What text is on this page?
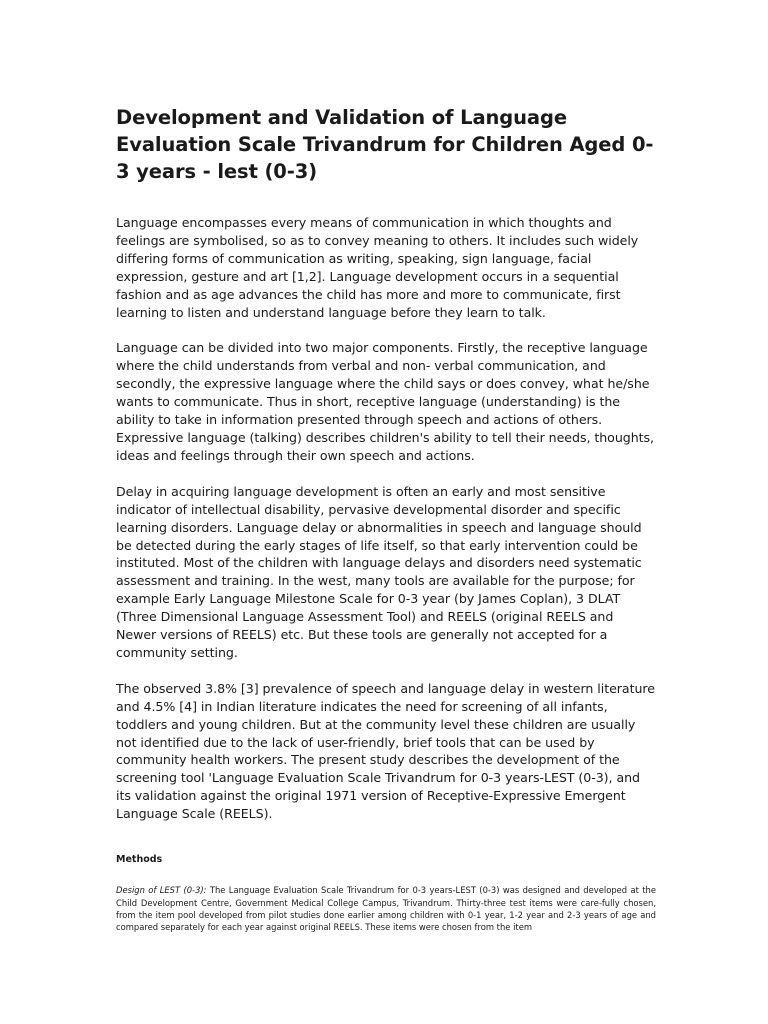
Development and Validation of Language Evaluation Scale Trivandrum for Children Aged 0-3 years - lest (0-3)

Language encompasses every means of communication in which thoughts and feelings are symbolised, so as to convey meaning to others. It includes such widely differing forms of communication as writing, speaking, sign language, facial expression, gesture and art [1,2]. Language development occurs in a sequential fashion and as age advances the child has more and more to communicate, first learning to listen and understand language before they learn to talk.

Language can be divided into two major components. Firstly, the receptive language where the child understands from verbal and non- verbal communication, and secondly, the expressive language where the child says or does convey, what he/she wants to communicate. Thus in short, receptive language (understanding) is the ability to take in information presented through speech and actions of others. Expressive language (talking) describes children's ability to tell their needs, thoughts, ideas and feelings through their own speech and actions.

Delay in acquiring language development is often an early and most sensitive indicator of intellectual disability, pervasive developmental disorder and specific learning disorders. Language delay or abnormalities in speech and language should be detected during the early stages of life itself, so that early intervention could be instituted. Most of the children with language delays and disorders need systematic assessment and training. In the west, many tools are available for the purpose; for example Early Language Milestone Scale for 0-3 year (by James Coplan), 3 DLAT (Three Dimensional Language Assessment Tool) and REELS (original REELS and Newer versions of REELS) etc. But these tools are generally not accepted for a community setting.

The observed 3.8% [3] prevalence of speech and language delay in western literature and 4.5% [4] in Indian literature indicates the need for screening of all infants, toddlers and young children. But at the community level these children are usually not identified due to the lack of user-friendly, brief tools that can be used by community health workers. The present study describes the development of the screening tool 'Language Evaluation Scale Trivandrum for 0-3 years-LEST (0-3), and its validation against the original 1971 version of Receptive-Expressive Emergent Language Scale (REELS).

Methods

Design of LEST (0-3): The Language Evaluation Scale Trivandrum for 0-3 years-LEST (0-3) was designed and developed at the Child Development Centre, Government Medical College Campus, Trivandrum. Thirty-three test items were care-fully chosen, from the item pool developed from pilot studies done earlier among children with 0-1 year, 1-2 year and 2-3 years of age and compared separately for each year against original REELS. These items were chosen from the item
